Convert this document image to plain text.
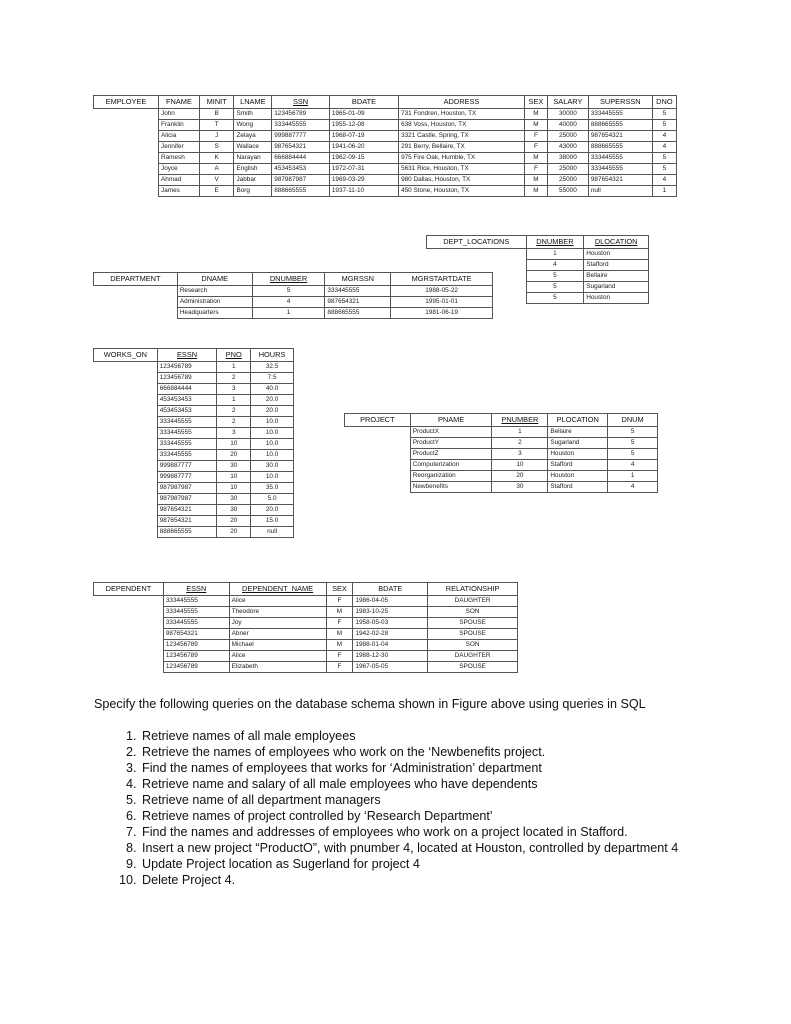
EMPLOYEE	FNAME	MINIT	LNAME	SSN	BDATE	ADDRESS	SEX	SALARY	SUPERSSN	DNO
	John	B	Smith	123456789	1965-01-09	731 Fondren, Houston, TX	M	30000	333445555	5
	Franklin	T	Wong	333445555	1955-12-08	638 Voss, Houston, TX	M	40000	888665555	5
	Alicia	J	Zelaya	999887777	1968-07-19	3321 Castle, Spring, TX	F	25000	987654321	4
	Jennifer	S	Wallace	987654321	1941-06-20	291 Berry, Bellaire, TX	F	43000	888665555	4
	Ramesh	K	Narayan	666884444	1962-09-15	975 Fire Oak, Humble, TX	M	38000	333445555	5
	Joyce	A	English	453453453	1972-07-31	5631 Rice, Houston, TX	F	25000	333445555	5
	Ahmad	V	Jabbar	987987987	1969-03-29	980 Dallas, Houston, TX	M	25000	987654321	4
	James	E	Borg	888665555	1937-11-10	450 Stone, Houston, TX	M	55000	null	1
DEPT_LOCATIONS	DNUMBER	DLOCATION
	1	Houston
	4	Stafford
	5	Bellaire
	5	Sugarland
	5	Houston
DEPARTMENT	DNAME	DNUMBER	MGRSSN	MGRSTARTDATE
	Research	5	333445555	1988-05-22
	Administration	4	987654321	1995-01-01
	Headquarters	1	888665555	1981-06-19
WORKS_ON	ESSN	PNO	HOURS
	123456789	1	32.5
	123456789	2	7.5
	666884444	3	40.0
	453453453	1	20.0
	453453453	2	20.0
	333445555	2	10.0
	333445555	3	10.0
	333445555	10	10.0
	333445555	20	10.0
	999887777	30	30.0
	999887777	10	10.0
	987987987	10	35.0
	987987987	30	5.0
	987654321	30	20.0
	987654321	20	15.0
	888665555	20	null
PROJECT	PNAME	PNUMBER	PLOCATION	DNUM
	ProductX	1	Bellaire	5
	ProductY	2	Sugarland	5
	ProductZ	3	Houston	5
	Computerization	10	Stafford	4
	Reorganization	20	Houston	1
	Newbenefits	30	Stafford	4
DEPENDENT	ESSN	DEPENDENT_NAME	SEX	BDATE	RELATIONSHIP
	333445555	Alice	F	1986-04-05	DAUGHTER
	333445555	Theodore	M	1983-10-25	SON
	333445555	Joy	F	1958-05-03	SPOUSE
	987654321	Abner	M	1942-02-28	SPOUSE
	123456789	Michael	M	1988-01-04	SON
	123456789	Alice	F	1988-12-30	DAUGHTER
	123456789	Elizabeth	F	1967-05-05	SPOUSE
Specify the following queries on the database schema shown in Figure above using queries in SQL
1. Retrieve names of all male employees
2. Retrieve the names of employees who work on the ‘Newbenefits project.
3. Find the names of employees that works for ‘Administration’ department
4. Retrieve name and salary of all male employees who have dependents
5. Retrieve name of all department managers
6. Retrieve names of project controlled by ‘Research Department’
7. Find the names and addresses of employees who work on a project located in Stafford.
8. Insert a new project “ProductO”, with pnumber 4, located at Houston, controlled by department 4
9. Update Project location as Sugerland for project 4
10. Delete Project 4.
